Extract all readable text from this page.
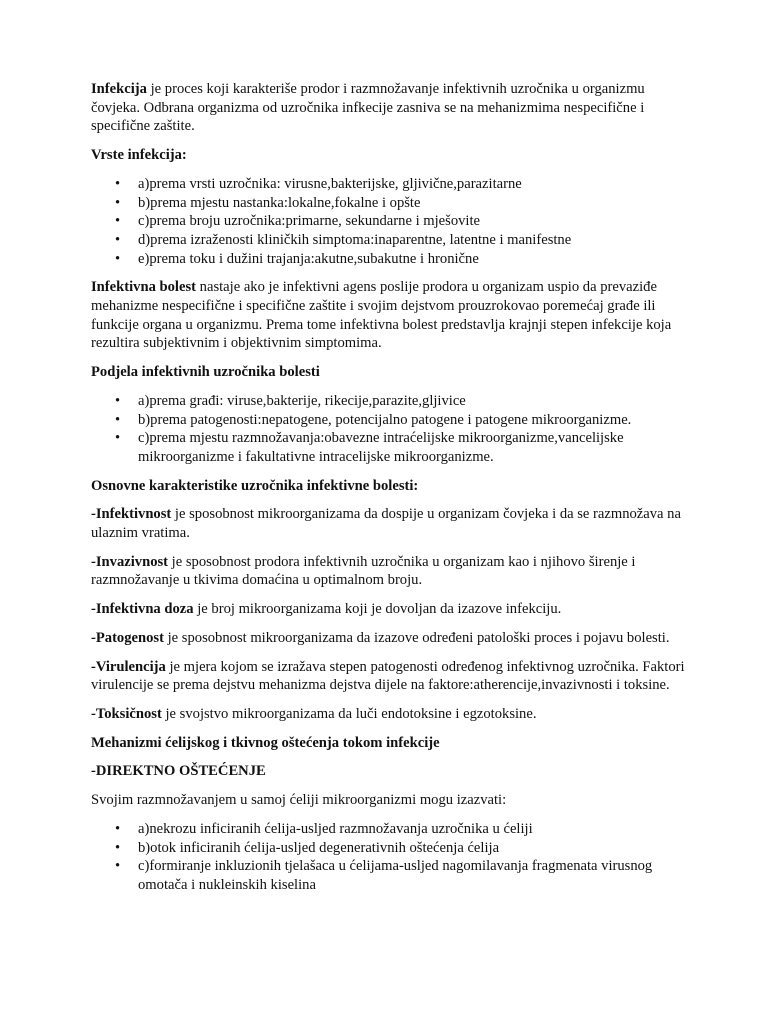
Infekcija je proces koji karakteriše prodor i razmnožavanje infektivnih uzročnika u organizmu čovjeka. Odbrana organizma od uzročnika infkecije zasniva se na mehanizmima nespecifične i specifične zaštite.

Vrste infekcija:

• a)prema vrsti uzročnika: virusne,bakterijske, gljivične,parazitarne
• b)prema mjestu nastanka:lokalne,fokalne i opšte
• c)prema broju uzročnika:primarne, sekundarne i mješovite
• d)prema izraženosti kliničkih simptoma:inaparentne, latentne i manifestne
• e)prema toku i dužini trajanja:akutne,subakutne i hronične

Infektivna bolest nastaje ako je infektivni agens poslije prodora u organizam uspio da prevaziđe mehanizme nespecifične i specifične zaštite i svojim dejstvom prouzrokovao poremećaj građe ili funkcije organa u organizmu. Prema tome infektivna bolest predstavlja krajnji stepen infekcije koja rezultira subjektivnim i objektivnim simptomima.

Podjela infektivnih uzročnika bolesti

• a)prema građi: viruse,bakterije, rikecije,parazite,gljivice
• b)prema patogenosti:nepatogene, potencijalno patogene i patogene mikroorganizme.
• c)prema mjestu razmnožavanja:obavezne intraćelijske mikroorganizme,vancelijske mikroorganizme i fakultativne intracelijske mikroorganizme.

Osnovne karakteristike uzročnika infektivne bolesti:

-Infektivnost je sposobnost mikroorganizama da dospije u organizam čovjeka i da se razmnožava na ulaznim vratima.

-Invazivnost je sposobnost prodora infektivnih uzročnika u organizam kao i njihovo širenje i razmnožavanje u tkivima domaćina u optimalnom broju.

-Infektivna doza je broj mikroorganizama koji je dovoljan da izazove infekciju.

-Patogenost je sposobnost mikroorganizama da izazove određeni patološki proces i pojavu bolesti.

-Virulencija je mjera kojom se izražava stepen patogenosti određenog infektivnog uzročnika. Faktori virulencije se prema dejstvu mehanizma dejstva dijele na faktore:atherencije,invazivnosti i toksine.

-Toksičnost je svojstvo mikroorganizama da luči endotoksine i egzotoksine.

Mehanizmi ćelijskog i tkivnog oštećenja tokom infekcije

-DIREKTNO OŠTEĆENJE

Svojim razmnožavanjem u samoj ćeliji mikroorganizmi mogu izazvati:

• a)nekrozu inficiranih ćelija-usljed razmnožavanja uzročnika u ćeliji
• b)otok inficiranih ćelija-usljed degenerativnih oštećenja ćelija
• c)formiranje inkluzionih tjelašaca u ćelijama-usljed nagomilavanja fragmenata virusnog omotača i nukleinskih kiselina
